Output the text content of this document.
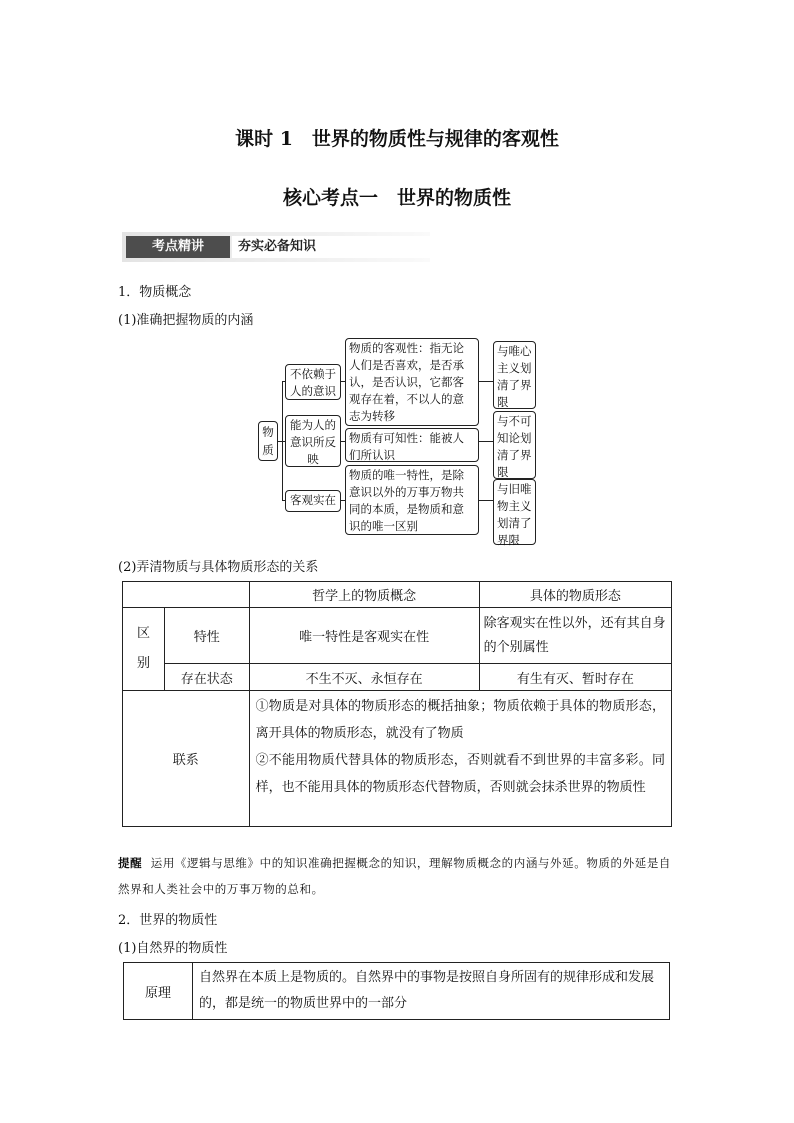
课时 1　世界的物质性与规律的客观性
核心考点一　世界的物质性
考点精讲	夯实必备知识
1．物质概念
(1)准确把握物质的内涵
物质
不依赖于人的意识
能为人的意识所反映
客观实在
物质的客观性：指无论人们是否喜欢，是否承认，是否认识，它都客观存在着，不以人的意志为转移
物质有可知性：能被人们所认识
物质的唯一特性，是除意识以外的万事万物共同的本质，是物质和意识的唯一区别
与唯心主义划清了界限
与不可知论划清了界限
与旧唯物主义划清了界限
(2)弄清物质与具体物质形态的关系
		哲学上的物质概念	具体的物质形态

区别	特性	唯一特性是客观实在性	除客观实在性以外，还有其自身的个别属性
	存在状态	不生不灭、永恒存在	有生有灭、暂时存在
联系		①物质是对具体的物质形态的概括抽象；物质依赖于具体的物质形态，离开具体的物质形态，就没有了物质
②不能用物质代替具体的物质形态，否则就看不到世界的丰富多彩。同样，也不能用具体的物质形态代替物质，否则就会抹杀世界的物质性	
提醒 运用《逻辑与思维》中的知识准确把握概念的知识，理解物质概念的内涵与外延。物质的外延是自然界和人类社会中的万事万物的总和。
2．世界的物质性
(1)自然界的物质性
原理	自然界在本质上是物质的。自然界中的事物是按照自身所固有的规律形成和发展的，都是统一的物质世界中的一部分
